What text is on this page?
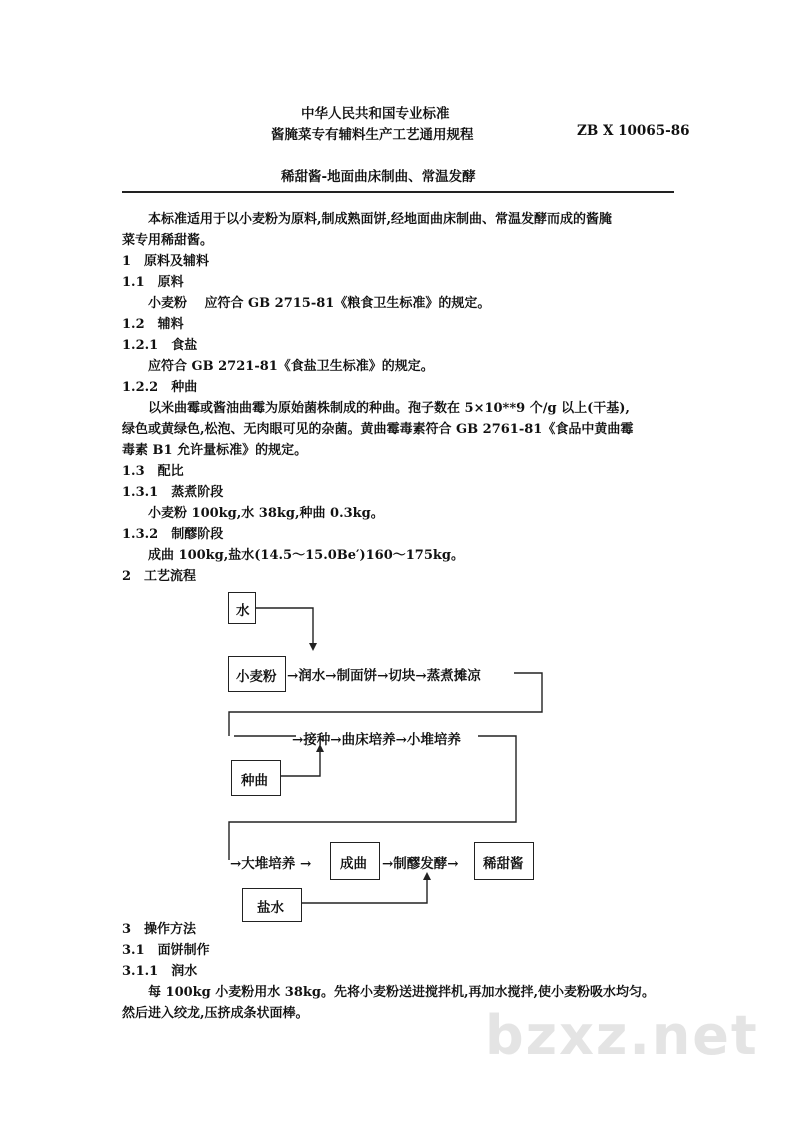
中华人民共和国专业标准
酱腌菜专有辅料生产工艺通用规程	ZB X 10065-86
稀甜酱-地面曲床制曲、常温发酵
本标准适用于以小麦粉为原料,制成熟面饼,经地面曲床制曲、常温发酵而成的酱腌
菜专用稀甜酱。
1　原料及辅料
1.1　原料
小麦粉　 应符合 GB 2715-81《粮食卫生标准》的规定。
1.2　辅料
1.2.1　食盐
应符合 GB 2721-81《食盐卫生标准》的规定。
1.2.2　种曲
以米曲霉或酱油曲霉为原始菌株制成的种曲。孢子数在 5×10**9 个/g 以上(干基),
绿色或黄绿色,松泡、无肉眼可见的杂菌。黄曲霉毒素符合 GB 2761-81《食品中黄曲霉
毒素 B1 允许量标准》的规定。
1.3　配比
1.3.1　蒸煮阶段
小麦粉 100kg,水 38kg,种曲 0.3kg。
1.3.2　制醪阶段
成曲 100kg,盐水(14.5～15.0Be′)160～175kg。
2　工艺流程
水
小麦粉 →润水→制面饼→切块→蒸煮摊凉
→接种→曲床培养→小堆培养
种曲
→大堆培养 → 成曲 →制醪发酵→ 稀甜酱
盐水
3　操作方法
3.1　面饼制作
3.1.1　润水
每 100kg 小麦粉用水 38kg。先将小麦粉送进搅拌机,再加水搅拌,使小麦粉吸水均匀。
然后进入绞龙,压挤成条状面棒。	bzxz.net
